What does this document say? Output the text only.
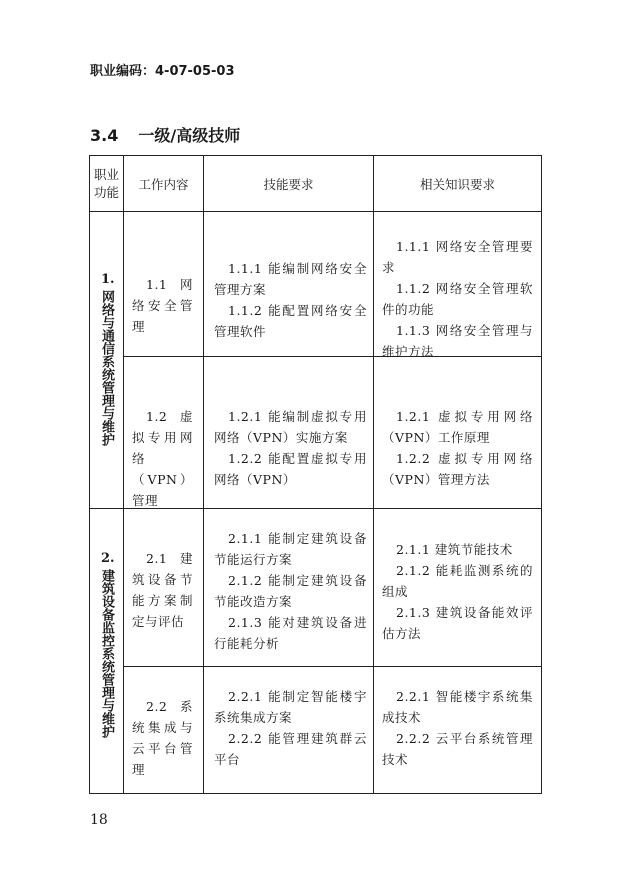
职业编码：4-07-05-03
3.4 一级/高级技师
职业
功能
工作内容	技能要求	相关知识要求
1.
网络与通信系统管理与维护
2.
建筑设备监控系统管理与维护

1.1 网络安全管理

1.1.1 能编制网络安全管理方案

1.1.2 能配置网络安全管理软件

1.1.1 网络安全管理要求

1.1.2 网络安全管理软件的功能

1.1.3 网络安全管理与维护方法

1.2 虚拟专用网络（VPN）管理

1.2.1 能编制虚拟专用网络（VPN）实施方案

1.2.2 能配置虚拟专用网络（VPN）

1.2.1 虚拟专用网络（VPN）工作原理

1.2.2 虚拟专用网络（VPN）管理方法

2.1 建筑设备节能方案制定与评估

2.1.1 能制定建筑设备节能运行方案

2.1.2 能制定建筑设备节能改造方案

2.1.3 能对建筑设备进行能耗分析

2.1.1 建筑节能技术

2.1.2 能耗监测系统的组成

2.1.3 建筑设备能效评估方法

2.2 系统集成与云平台管理

2.2.1 能制定智能楼宇系统集成方案

2.2.2 能管理建筑群云平台

2.2.1 智能楼宇系统集成技术

2.2.2 云平台系统管理技术

18
